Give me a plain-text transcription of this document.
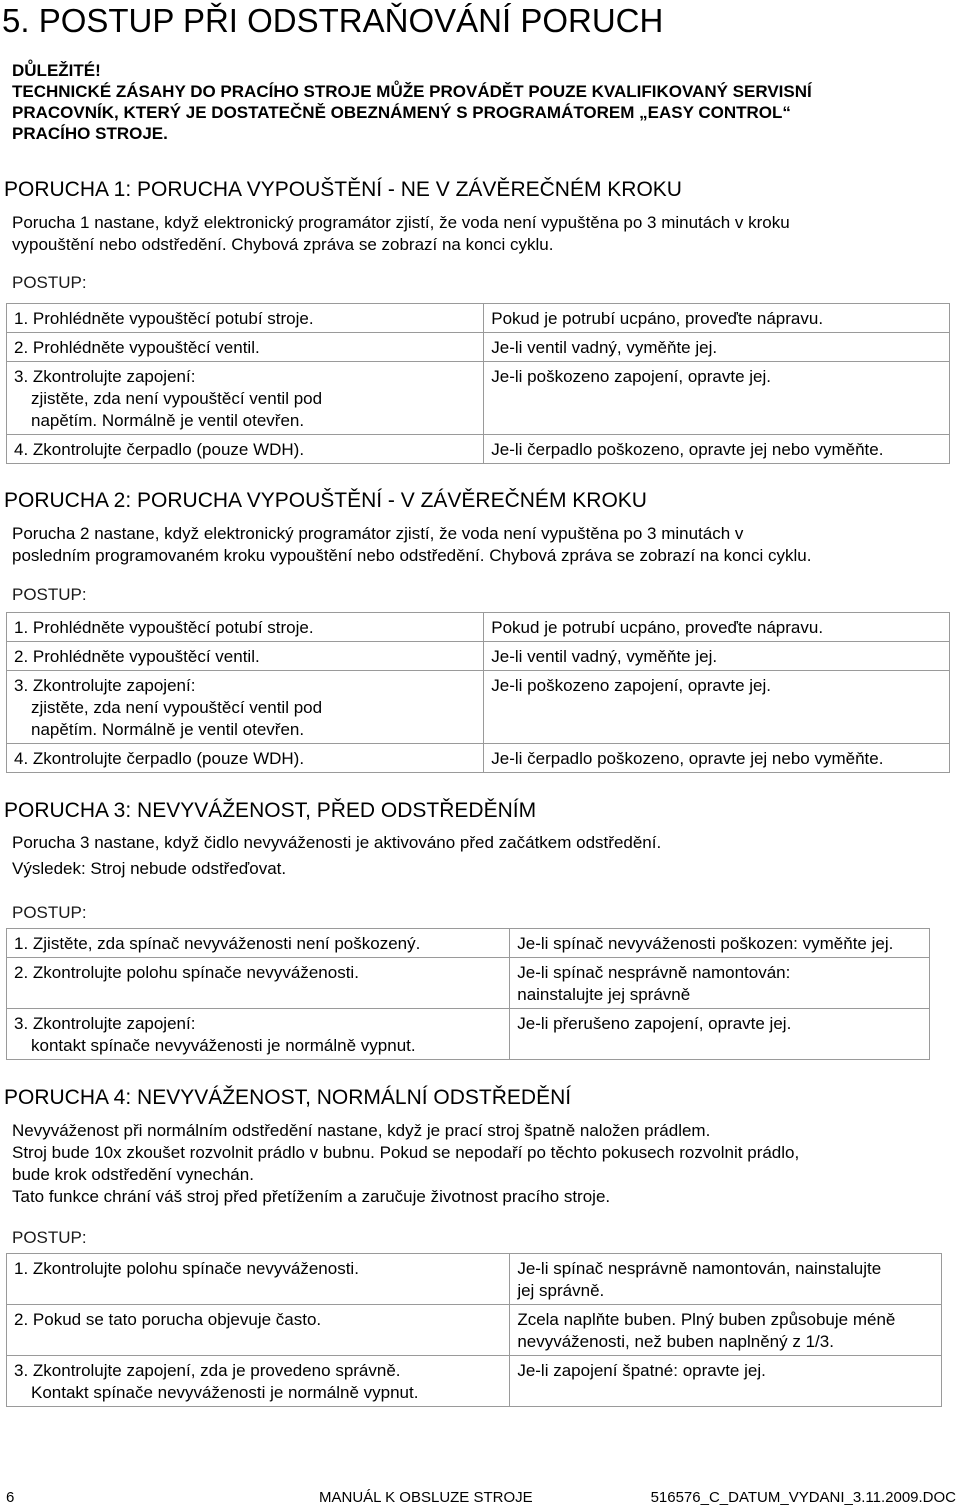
5. POSTUP PŘI ODSTRAŇOVÁNÍ PORUCH
DŮLEŽITÉ!
TECHNICKÉ ZÁSAHY DO PRACÍHO STROJE MŮŽE PROVÁDĚT POUZE KVALIFIKOVANÝ SERVISNÍ
PRACOVNÍK, KTERÝ JE DOSTATEČNĚ OBEZNÁMENÝ S PROGRAMÁTOREM „EASY CONTROL“
PRACÍHO STROJE.
PORUCHA 1: PORUCHA VYPOUŠTĚNÍ - NE V ZÁVĚREČNÉM KROKU
Porucha 1 nastane, když elektronický programátor zjistí, že voda není vypuštěna po 3 minutách v kroku
vypouštění nebo odstředění. Chybová zpráva se zobrazí na konci cyklu.
POSTUP:
1. Prohlédněte vypouštěcí potubí stroje.	Pokud je potrubí ucpáno, proveďte nápravu.

2. Prohlédněte vypouštěcí ventil.	Je-li ventil vadný, vyměňte jej.

3. Zkontrolujte zapojení:
zjistěte, zda není vypouštěcí ventil pod
napětím. Normálně je ventil otevřen.	Je-li poškozeno zapojení, opravte jej.

4. Zkontrolujte čerpadlo (pouze WDH).	Je-li čerpadlo poškozeno, opravte jej nebo vyměňte.
PORUCHA 2: PORUCHA VYPOUŠTĚNÍ - V ZÁVĚREČNÉM KROKU
Porucha 2 nastane, když elektronický programátor zjistí, že voda není vypuštěna po 3 minutách v
posledním programovaném kroku vypouštění nebo odstředění. Chybová zpráva se zobrazí na konci cyklu.
POSTUP:
1. Prohlédněte vypouštěcí potubí stroje.	Pokud je potrubí ucpáno, proveďte nápravu.

2. Prohlédněte vypouštěcí ventil.	Je-li ventil vadný, vyměňte jej.

3. Zkontrolujte zapojení:
zjistěte, zda není vypouštěcí ventil pod
napětím. Normálně je ventil otevřen.	Je-li poškozeno zapojení, opravte jej.

4. Zkontrolujte čerpadlo (pouze WDH).	Je-li čerpadlo poškozeno, opravte jej nebo vyměňte.
PORUCHA 3: NEVYVÁŽENOST, PŘED ODSTŘEDĚNÍM
Porucha 3 nastane, když čidlo nevyváženosti je aktivováno před začátkem odstředění.
Výsledek: Stroj nebude odstřeďovat.
POSTUP:
1. Zjistěte, zda spínač nevyváženosti není poškozený.	Je-li spínač nevyváženosti poškozen: vyměňte jej.

2. Zkontrolujte polohu spínače nevyváženosti.	Je-li spínač nesprávně namontován:
nainstalujte jej správně

3. Zkontrolujte zapojení:
kontakt spínače nevyváženosti je normálně vypnut.	Je-li přerušeno zapojení, opravte jej.
PORUCHA 4: NEVYVÁŽENOST, NORMÁLNÍ ODSTŘEDĚNÍ
Nevyváženost při normálním odstředění nastane, když je prací stroj špatně naložen prádlem.
Stroj bude 10x zkoušet rozvolnit prádlo v bubnu. Pokud se nepodaří po těchto pokusech rozvolnit prádlo,
bude krok odstředění vynechán.
Tato funkce chrání váš stroj před přetížením a zaručuje životnost pracího stroje.
POSTUP:
1. Zkontrolujte polohu spínače nevyváženosti.	Je-li spínač nesprávně namontován, nainstalujte
jej správně.

2. Pokud se tato porucha objevuje často.	Zcela naplňte buben. Plný buben způsobuje méně
nevyváženosti, než buben naplněný z 1/3.

3. Zkontrolujte zapojení, zda je provedeno správně.
Kontakt spínače nevyváženosti je normálně vypnut.	Je-li zapojení špatné: opravte jej.
6	MANUÁL K OBSLUZE STROJE	516576_C_DATUM_VYDANI_3.11.2009.DOC
